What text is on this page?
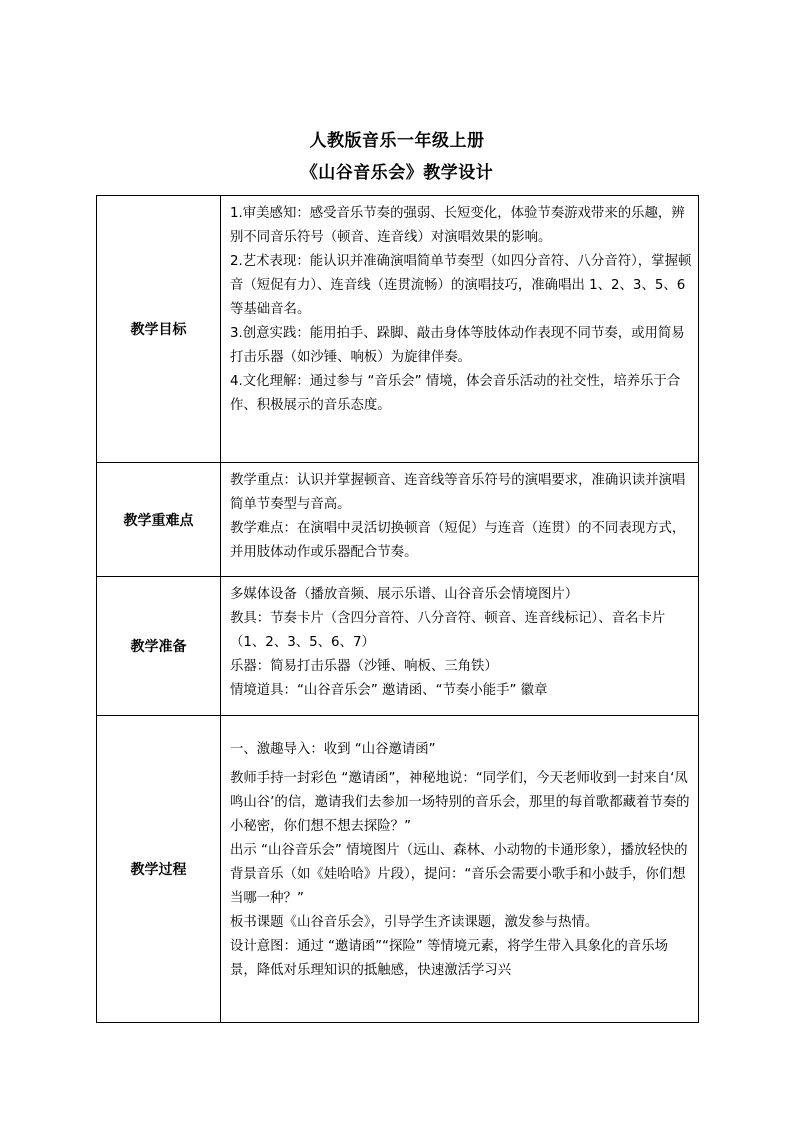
人教版音乐一年级上册
《山谷音乐会》教学设计
教学目标	1.审美感知：感受音乐节奏的强弱、长短变化，体验节奏游戏带来的乐趣，辨别不同音乐符号（顿音、连音线）对演唱效果的影响。
2.艺术表现：能认识并准确演唱简单节奏型（如四分音符、八分音符），掌握顿音（短促有力）、连音线（连贯流畅）的演唱技巧，准确唱出 1、2、3、5、6 等基础音名。
3.创意实践：能用拍手、跺脚、敲击身体等肢体动作表现不同节奏，或用简易打击乐器（如沙锤、响板）为旋律伴奏。
4.文化理解：通过参与 “音乐会” 情境，体会音乐活动的社交性，培养乐于合作、积极展示的音乐态度。

教学重难点	教学重点：认识并掌握顿音、连音线等音乐符号的演唱要求，准确识读并演唱简单节奏型与音高。
教学难点：在演唱中灵活切换顿音（短促）与连音（连贯）的不同表现方式，并用肢体动作或乐器配合节奏。

教学准备	多媒体设备（播放音频、展示乐谱、山谷音乐会情境图片）
教具：节奏卡片（含四分音符、八分音符、顿音、连音线标记）、音名卡片（1、2、3、5、6、7）
乐器：简易打击乐器（沙锤、响板、三角铁）
情境道具：“山谷音乐会” 邀请函、“节奏小能手” 徽章

教学过程	一、激趣导入：收到 “山谷邀请函”
教师手持一封彩色 “邀请函”，神秘地说：“同学们，今天老师收到一封来自‘凤鸣山谷’的信，邀请我们去参加一场特别的音乐会，那里的每首歌都藏着节奏的小秘密，你们想不想去探险？”
出示 “山谷音乐会” 情境图片（远山、森林、小动物的卡通形象），播放轻快的背景音乐（如《娃哈哈》片段），提问：“音乐会需要小歌手和小鼓手，你们想当哪一种？”
板书课题《山谷音乐会》，引导学生齐读课题，激发参与热情。
设计意图：通过 “邀请函”“探险” 等情境元素，将学生带入具象化的音乐场景，降低对乐理知识的抵触感，快速激活学习兴
